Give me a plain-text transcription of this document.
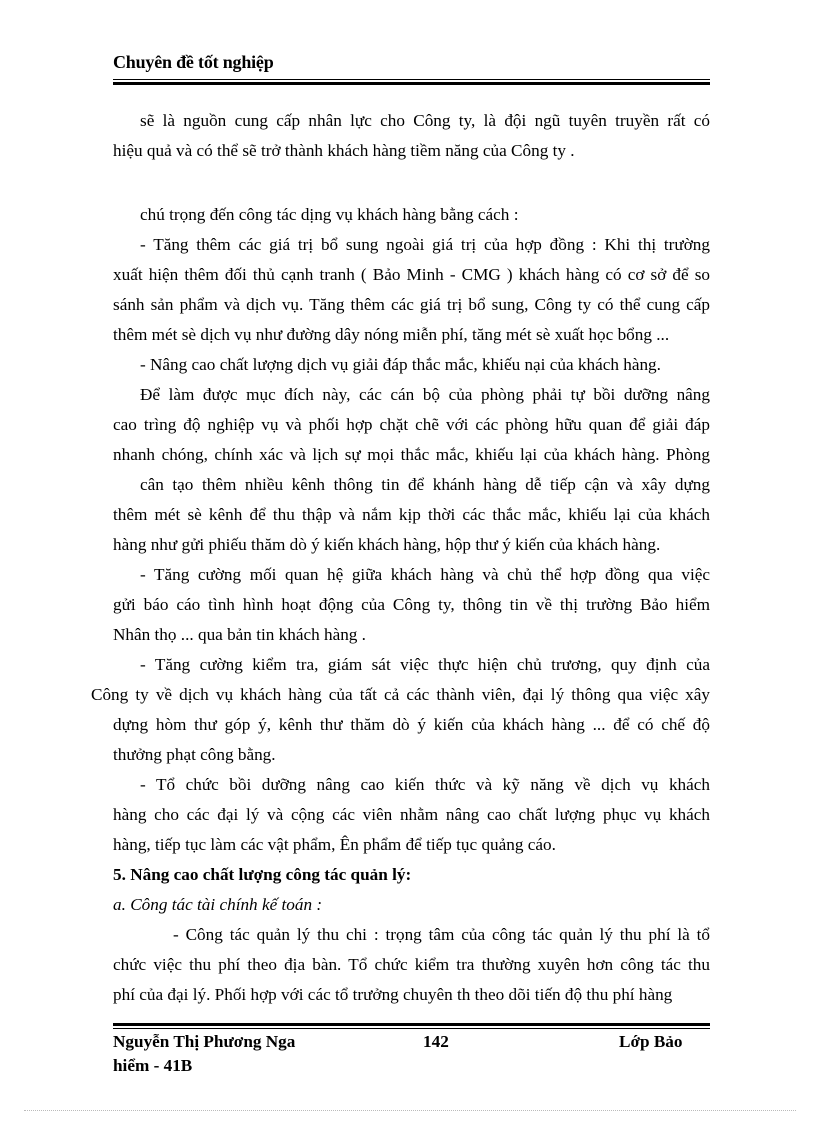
Chuyên đề tốt nghiệp
sẽ là nguồn cung cấp nhân lực cho Công ty, là đội ngũ tuyên truyền rất có
hiệu quả và có thể sẽ trở thành khách hàng tiềm năng của Công ty .
chú trọng đến công tác dịng vụ khách hàng bằng cách :
- Tăng thêm các giá trị bổ sung ngoài giá trị của hợp đồng : Khi thị trường
xuất hiện thêm đối thủ cạnh tranh ( Bảo Minh - CMG ) khách hàng có cơ sở để so
sánh sản phẩm và dịch vụ. Tăng thêm các giá trị bổ sung, Công ty có thể cung cấp
thêm mét sè dịch vụ như đường dây nóng miễn phí, tăng mét sè xuất học bổng ...
- Nâng cao chất lượng dịch vụ giải đáp thắc mắc, khiếu nại của khách hàng.
Để làm được mục đích này, các cán bộ của phòng phải tự bồi dưỡng nâng
cao trìng độ nghiệp vụ và phối hợp chặt chẽ với các phòng hữu quan để giải đáp
nhanh chóng, chính xác và lịch sự mọi thắc mắc, khiếu lại của khách hàng. Phòng
cân tạo thêm nhiều kênh thông tin để khánh hàng dễ tiếp cận và xây dựng
thêm mét sè kênh để thu thập và nắm kịp thời các thắc mắc, khiếu lại của khách
hàng như gửi phiếu thăm dò ý kiến khách hàng, hộp thư ý kiến của khách hàng.
- Tăng cường mối quan hệ giữa khách hàng và chủ thể hợp đồng qua việc
gửi báo cáo tình hình hoạt động của Công ty, thông tin về thị trường Bảo hiểm
Nhân thọ ... qua bản tin khách hàng .
- Tăng cường kiểm tra, giám sát việc thực hiện chủ trương, quy định của
Công ty về dịch vụ khách hàng của tất cả các thành viên, đại lý thông qua việc xây
dựng hòm thư góp ý, kênh thư thăm dò ý kiến của khách hàng ... để có chế độ
thưởng phạt công bằng.
- Tổ chức bồi dưỡng nâng cao kiến thức và kỹ năng về dịch vụ khách
hàng cho các đại lý và cộng các viên nhằm nâng cao chất lượng phục vụ khách
hàng, tiếp tục làm các vật phẩm, Ên phẩm để tiếp tục quảng cáo.
5. Nâng cao chất lượng công tác quản lý:
a. Công tác tài chính kế toán :
- Công tác quản lý thu chi : trọng tâm của công tác quản lý thu phí là tổ
chức việc thu phí theo địa bàn. Tổ chức kiểm tra thường xuyên hơn công tác thu
phí của đại lý. Phối hợp với các tổ trưởng chuyên th theo dõi tiến độ thu phí hàng
Nguyễn Thị Phương Nga	142	Lớp Bảo
hiểm - 41B
